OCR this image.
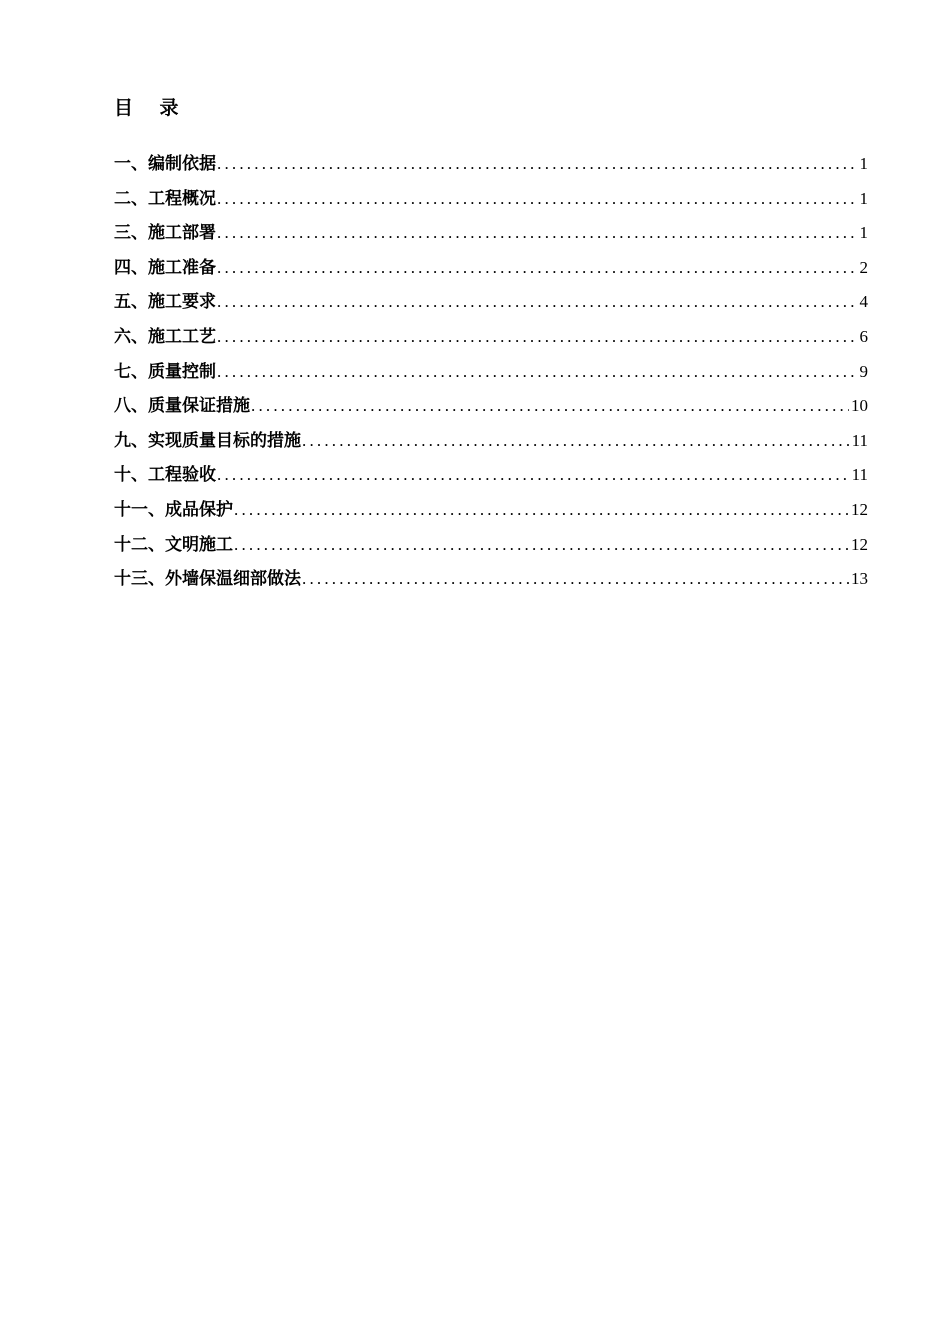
目    录
一、编制依据 .....	1
二、工程概况 .....	1
三、施工部署 .....	1
四、施工准备 .....	2
五、施工要求 .....	4
六、施工工艺 .....	6
七、质量控制 .....	9
八、质量保证措施 .....	10
九、实现质量目标的措施 .....	11
十、工程验收 .....	11
十一、成品保护 .....	12
十二、文明施工 .....	12
十三、外墙保温细部做法 .....	13
